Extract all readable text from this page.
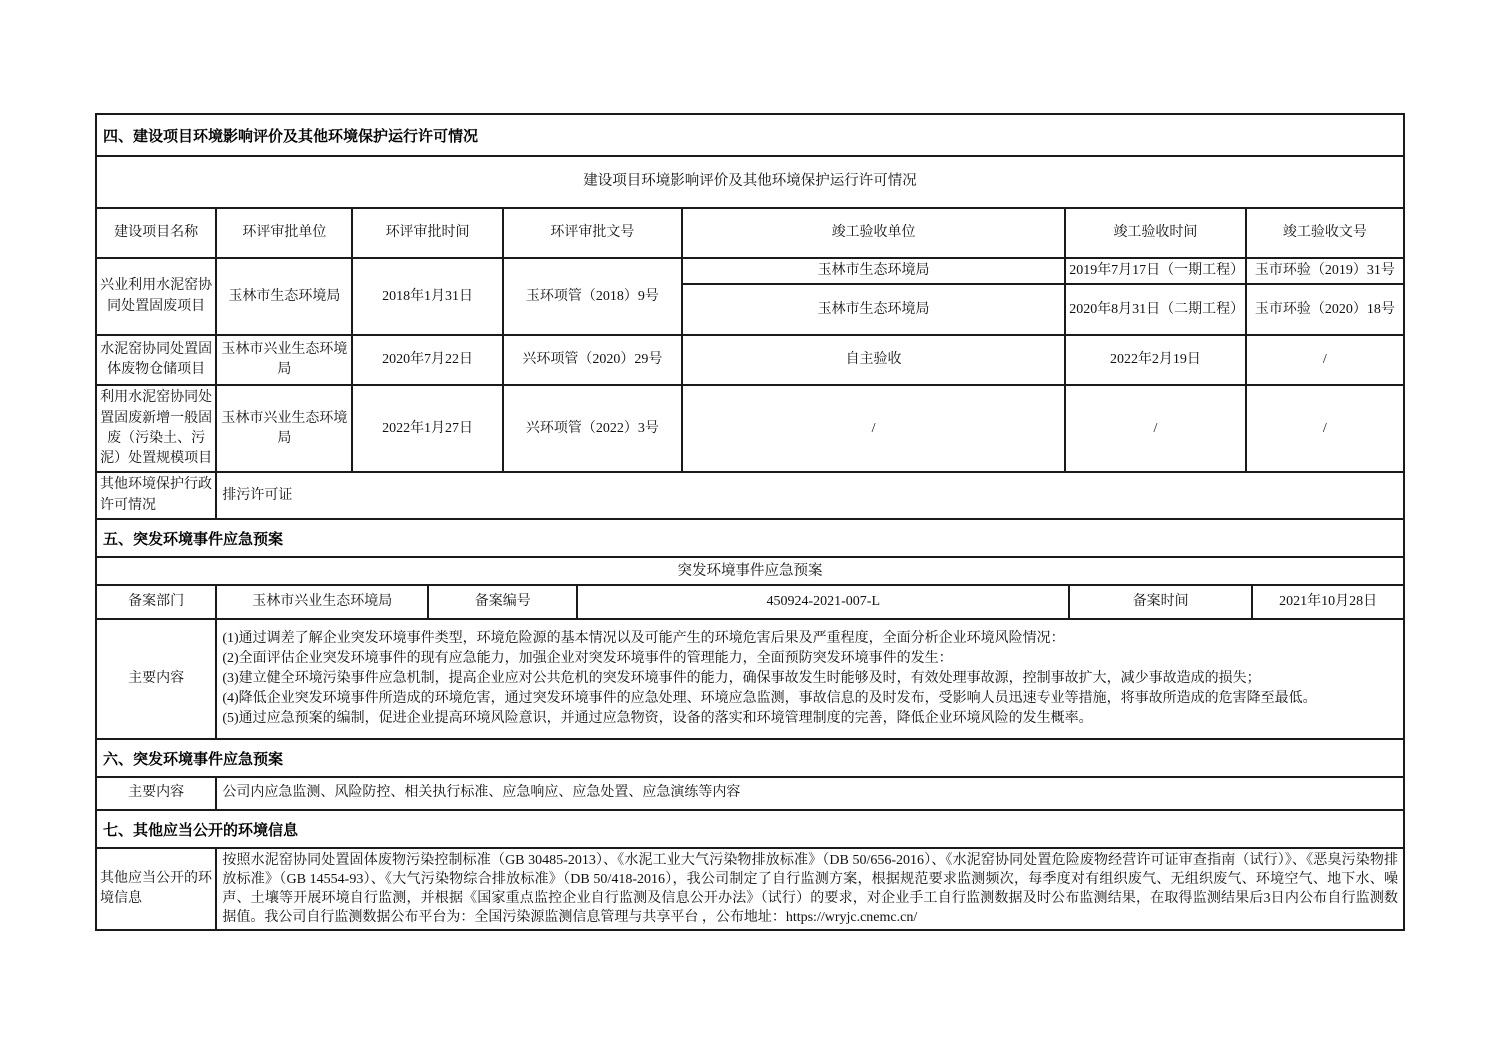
四、建设项目环境影响评价及其他环境保护运行许可情况
建设项目环境影响评价及其他环境保护运行许可情况						
建设项目名称	环评审批单位	环评审批时间	环评审批文号	竣工验收单位	竣工验收时间	竣工验收文号
兴业利用水泥窑协同处置固废项目	玉林市生态环境局	2018年1月31日	玉环项管（2018）9号	玉林市生态环境局	2019年7月17日（一期工程）	玉市环验（2019）31号
				玉林市生态环境局	2020年8月31日（二期工程）	玉市环验（2020）18号
水泥窑协同处置固体废物仓储项目	玉林市兴业生态环境局	2020年7月22日	兴环项管（2020）29号	自主验收	2022年2月19日	/
利用水泥窑协同处置固废新增一般固废（污染土、污泥）处置规模项目	玉林市兴业生态环境局	2022年1月27日	兴环项管（2022）3号	/	/	/
其他环境保护行政许可情况	排污许可证					
五、突发环境事件应急预案
突发环境事件应急预案					
备案部门	玉林市兴业生态环境局	备案编号	450924-2021-007-L	备案时间	2021年10月28日
主要内容	(1)通过调差了解企业突发环境事件类型，环境危险源的基本情况以及可能产生的环境危害后果及严重程度，全面分析企业环境风险情况：
(2)全面评估企业突发环境事件的现有应急能力，加强企业对突发环境事件的管理能力，全面预防突发环境事件的发生：
(3)建立健全环境污染事件应急机制，提高企业应对公共危机的突发环境事件的能力，确保事故发生时能够及时，有效处理事故源，控制事故扩大，减少事故造成的损失；
(4)降低企业突发环境事件所造成的环境危害，通过突发环境事件的应急处理、环境应急监测，事故信息的及时发布，受影响人员迅速专业等措施，将事故所造成的危害降至最低。
(5)通过应急预案的编制，促进企业提高环境风险意识，并通过应急物资，设备的落实和环境管理制度的完善，降低企业环境风险的发生概率。				
六、突发环境事件应急预案
主要内容	公司内应急监测、风险防控、相关执行标准、应急响应、应急处置、应急演练等内容
七、其他应当公开的环境信息
其他应当公开的环境信息	按照水泥窑协同处置固体废物污染控制标准（GB 30485-2013）、《水泥工业大气污染物排放标准》（DB 50/656-2016）、《水泥窑协同处置危险废物经营许可证审查指南（试行）》、《恶臭污染物排放标准》（GB 14554-93）、《大气污染物综合排放标准》（DB 50/418-2016），我公司制定了自行监测方案，根据规范要求监测频次，每季度对有组织废气、无组织废气、环境空气、地下水、噪声、土壤等开展环境自行监测，并根据《国家重点监控企业自行监测及信息公开办法》（试行）的要求，对企业手工自行监测数据及时公布监测结果，在取得监测结果后3日内公布自行监测数据值。我公司自行监测数据公布平台为：全国污染源监测信息管理与共享平台 ，公布地址：https://wryjc.cnemc.cn/
